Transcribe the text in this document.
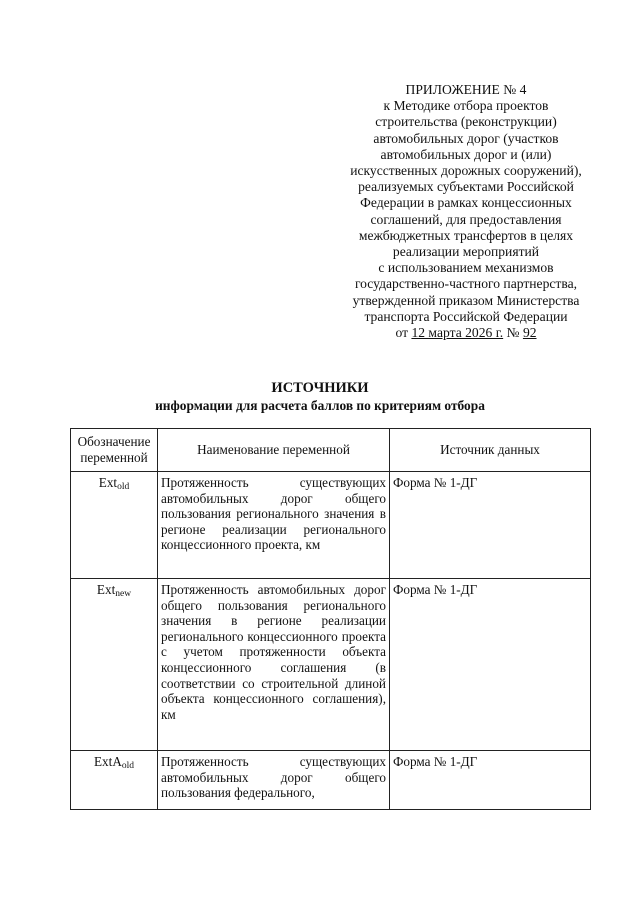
ПРИЛОЖЕНИЕ № 4
к Методике отбора проектов
строительства (реконструкции)
автомобильных дорог (участков
автомобильных дорог и (или)
искусственных дорожных сооружений),
реализуемых субъектами Российской
Федерации в рамках концессионных
соглашений, для предоставления
межбюджетных трансфертов в целях
реализации мероприятий
с использованием механизмов
государственно-частного партнерства,
утвержденной приказом Министерства
транспорта Российской Федерации
от 12 марта 2026 г. № 92
ИСТОЧНИКИ
информации для расчета баллов по критериям отбора
Обозначение переменной	Наименование переменной	Источник данных
Ext$_{old}$	Протяженность существующих автомобильных дорог общего пользования регионального значения в регионе реализации регионального концессионного проекта, км	Форма № 1-ДГ
Ext$_{new}$	Протяженность автомобильных дорог общего пользования регионального значения в регионе реализации регионального концессионного проекта с учетом протяженности объекта концессионного соглашения (в соответствии со строительной длиной объекта концессионного соглашения), км	Форма № 1-ДГ
ExtA$_{old}$	Протяженность существующих автомобильных дорог общего пользования федерального,	Форма № 1-ДГ
